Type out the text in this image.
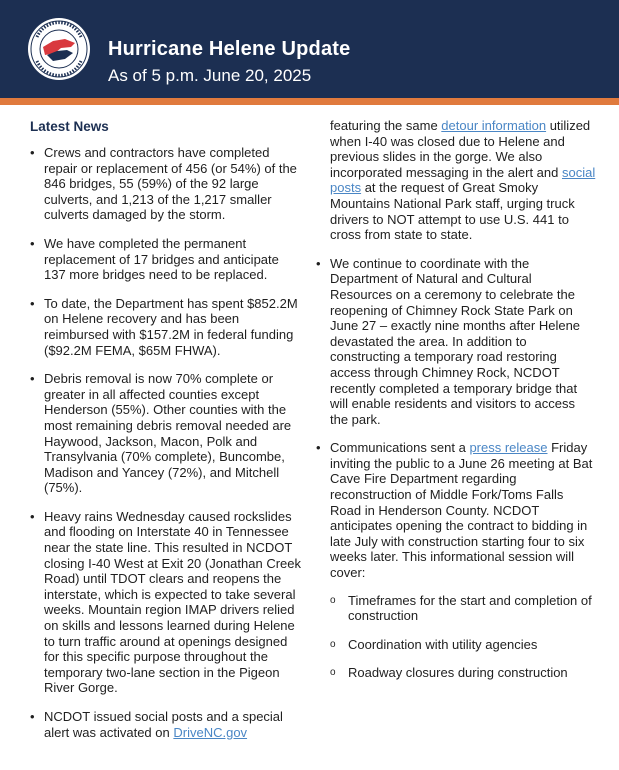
Hurricane Helene Update
As of 5 p.m. June 20, 2025
Latest News
• Crews and contractors have completed repair or replacement of 456 (or 54%) of the 846 bridges, 55 (59%) of the 92 large culverts, and 1,213 of the 1,217 smaller culverts damaged by the storm.
• We have completed the permanent replacement of 17 bridges and anticipate 137 more bridges need to be replaced.
• To date, the Department has spent $852.2M on Helene recovery and has been reimbursed with $157.2M in federal funding ($92.2M FEMA, $65M FHWA).
• Debris removal is now 70% complete or greater in all affected counties except Henderson (55%). Other counties with the most remaining debris removal needed are Haywood, Jackson, Macon, Polk and Transylvania (70% complete), Buncombe, Madison and Yancey (72%), and Mitchell (75%).
• Heavy rains Wednesday caused rockslides and flooding on Interstate 40 in Tennessee near the state line. This resulted in NCDOT closing I-40 West at Exit 20 (Jonathan Creek Road) until TDOT clears and reopens the interstate, which is expected to take several weeks. Mountain region IMAP drivers relied on skills and lessons learned during Helene to turn traffic around at openings designed for this specific purpose throughout the temporary two-lane section in the Pigeon River Gorge.
• NCDOT issued social posts and a special alert was activated on DriveNC.gov
featuring the same detour information utilized when I-40 was closed due to Helene and previous slides in the gorge. We also incorporated messaging in the alert and social posts at the request of Great Smoky Mountains National Park staff, urging truck drivers to NOT attempt to use U.S. 441 to cross from state to state.
• We continue to coordinate with the Department of Natural and Cultural Resources on a ceremony to celebrate the reopening of Chimney Rock State Park on June 27 – exactly nine months after Helene devastated the area. In addition to constructing a temporary road restoring access through Chimney Rock, NCDOT recently completed a temporary bridge that will enable residents and visitors to access the park.
• Communications sent a press release Friday inviting the public to a June 26 meeting at Bat Cave Fire Department regarding reconstruction of Middle Fork/Toms Falls Road in Henderson County. NCDOT anticipates opening the contract to bidding in late July with construction starting four to six weeks later. This informational session will cover:
o Timeframes for the start and completion of construction
o Coordination with utility agencies
o Roadway closures during construction
